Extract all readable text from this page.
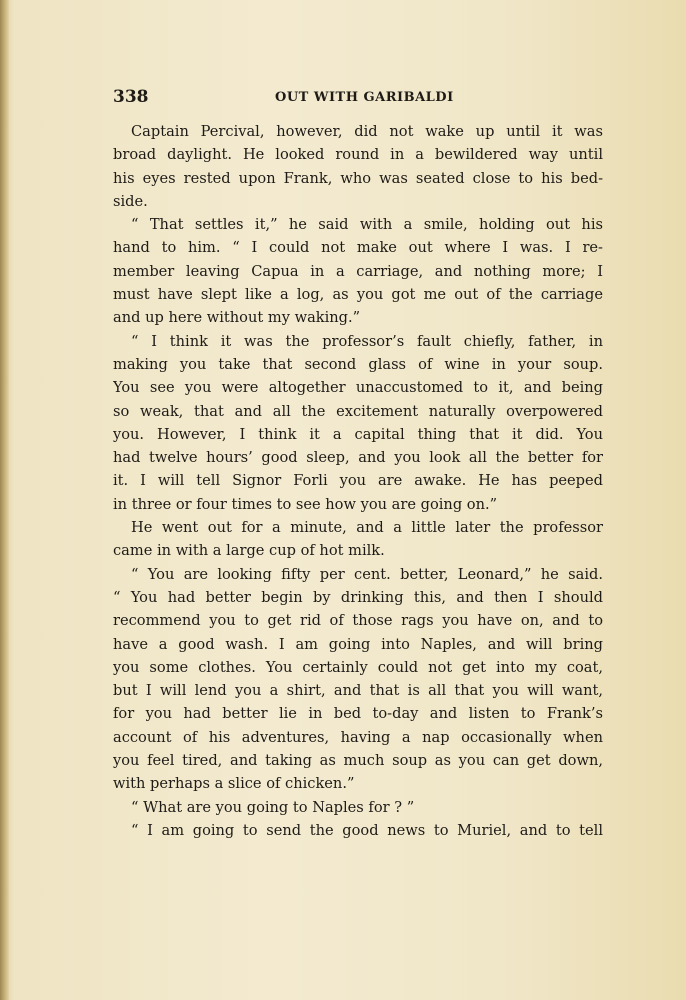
338	OUT WITH GARIBALDI
Captain Percival, however, did not wake up until it was
broad daylight. He looked round in a bewildered way until
his eyes rested upon Frank, who was seated close to his bed-
side.
“ That settles it,” he said with a smile, holding out his
hand to him. “ I could not make out where I was. I re-
member leaving Capua in a carriage, and nothing more; I
must have slept like a log, as you got me out of the carriage
and up here without my waking.”
“ I think it was the professor’s fault chiefly, father, in
making you take that second glass of wine in your soup.
You see you were altogether unaccustomed to it, and being
so weak, that and all the excitement naturally overpowered
you. However, I think it a capital thing that it did. You
had twelve hours’ good sleep, and you look all the better for
it. I will tell Signor Forli you are awake. He has peeped
in three or four times to see how you are going on.”
He went out for a minute, and a little later the professor
came in with a large cup of hot milk.
“ You are looking fifty per cent. better, Leonard,” he said.
“ You had better begin by drinking this, and then I should
recommend you to get rid of those rags you have on, and to
have a good wash. I am going into Naples, and will bring
you some clothes. You certainly could not get into my coat,
but I will lend you a shirt, and that is all that you will want,
for you had better lie in bed to-day and listen to Frank’s
account of his adventures, having a nap occasionally when
you feel tired, and taking as much soup as you can get down,
with perhaps a slice of chicken.”
“ What are you going to Naples for ? ”
“ I am going to send the good news to Muriel, and to tell
